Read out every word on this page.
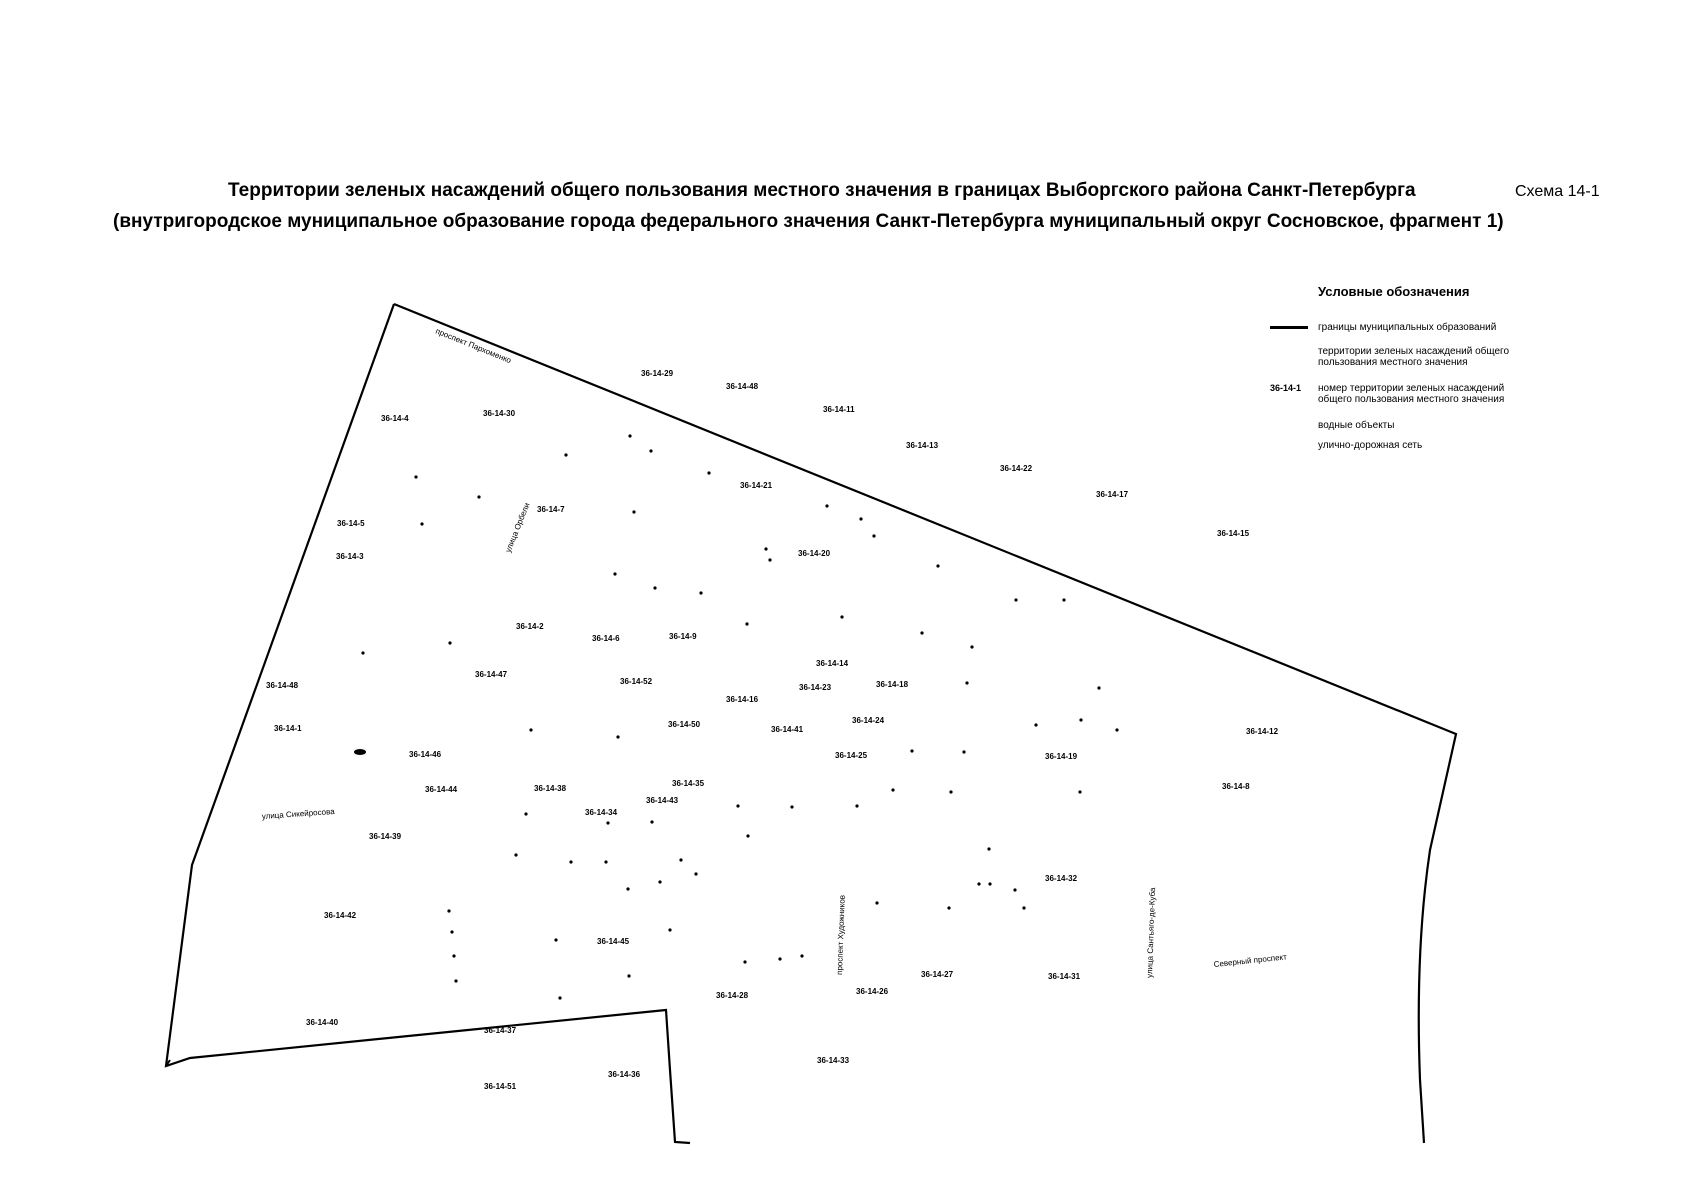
Территории зеленых насаждений общего пользования местного значения в границах Выборгского района Санкт-Петербурга	Схема 14-1
(внутригородское муниципальное образование города федерального значения Санкт-Петербурга муниципальный округ Сосновское, фрагмент 1)
36-14-29
36-14-48
36-14-11
36-14-4
36-14-30
36-14-13
36-14-22
36-14-21
36-14-17
36-14-7
36-14-5
36-14-15
36-14-3	36-14-20
36-14-2
36-14-6	36-14-9
36-14-14
36-14-47
36-14-52
36-14-48	36-14-23	36-14-18
36-14-16
36-14-1	36-14-50	36-14-24
36-14-41	36-14-12
36-14-46	36-14-25	36-14-19
36-14-44	36-14-38
36-14-35	36-14-8
36-14-43
36-14-34
36-14-39
36-14-32
36-14-42
36-14-45
36-14-27	36-14-31
36-14-28	36-14-26
36-14-40
36-14-37
36-14-33
36-14-36
36-14-51
проспект Пархоменко
улица Орбели
улица Сикейросова
проспект Художников	улица Сантьяго-де-Куба	Северный проспект
Условные обозначения
границы муниципальных образований
территории зеленых насаждений общего пользования местного значения
36-14-1	номер территории зеленых насаждений общего пользования местного значения
водные объекты
улично-дорожная сеть
